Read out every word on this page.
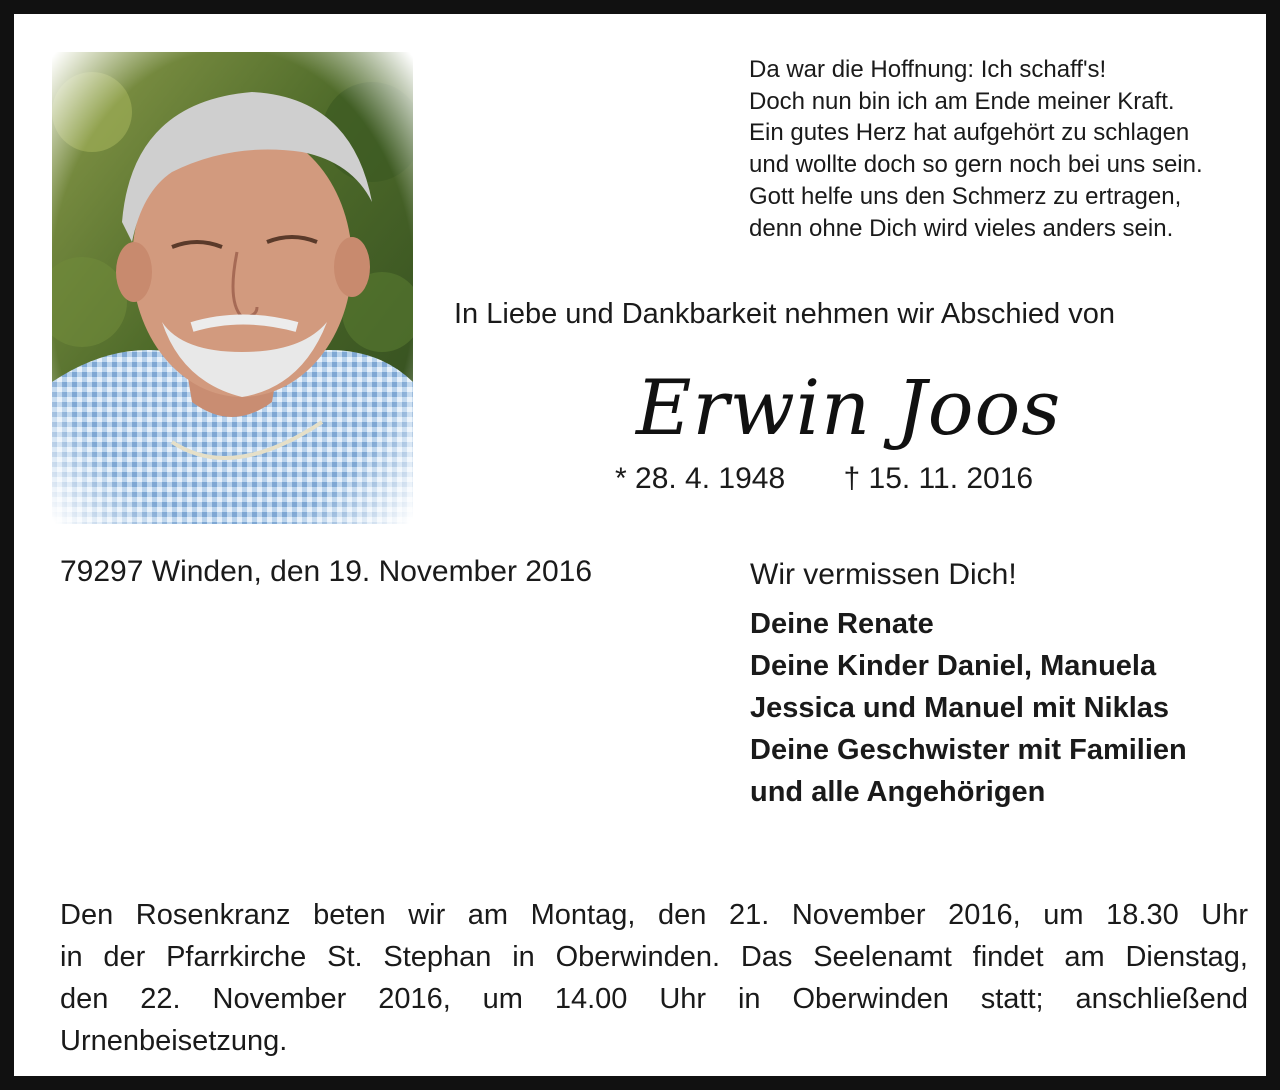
Da war die Hoffnung: Ich schaff's!
Doch nun bin ich am Ende meiner Kraft.
Ein gutes Herz hat aufgehört zu schlagen
und wollte doch so gern noch bei uns sein.
Gott helfe uns den Schmerz zu ertragen,
denn ohne Dich wird vieles anders sein.
In Liebe und Dankbarkeit nehmen wir Abschied von
Erwin Joos
* 28. 4. 1948 † 15. 11. 2016
79297 Winden, den 19. November 2016	Wir vermissen Dich!
Deine Renate
Deine Kinder Daniel, Manuela
Jessica und Manuel mit Niklas
Deine Geschwister mit Familien
und alle Angehörigen
Den Rosenkranz beten wir am Montag, den 21. November 2016, um 18.30 Uhr
in der Pfarrkirche St. Stephan in Oberwinden. Das Seelenamt findet am Dienstag,
den 22. November 2016, um 14.00 Uhr in Oberwinden statt; anschließend
Urnenbeisetzung.
